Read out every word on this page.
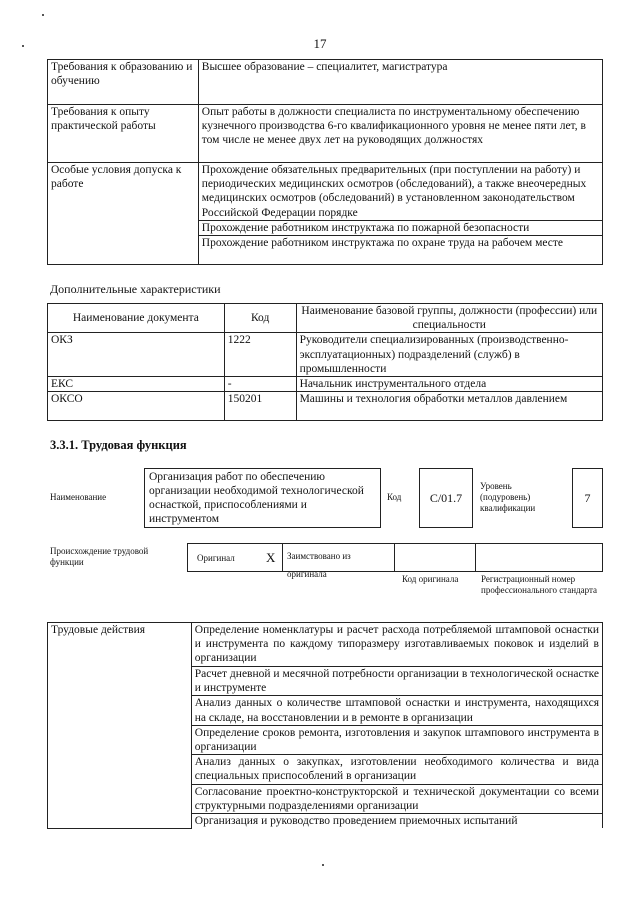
17
Требования к образованию и обучению	Высшее образование – специалитет, магистратура
Требования к опыту практической работы	Опыт работы в должности специалиста по инструментальному обеспечению кузнечного производства 6-го квалификационного уровня не менее пяти лет, в том числе не менее двух лет на руководящих должностях
Особые условия допуска к работе	Прохождение обязательных предварительных (при поступлении на работу) и периодических медицинских осмотров (обследований), а также внеочередных медицинских осмотров (обследований) в установленном законодательством Российской Федерации порядке
	Прохождение работником инструктажа по пожарной безопасности
	Прохождение работником инструктажа по охране труда на рабочем месте
Дополнительные характеристики
Наименование документа	Код	Наименование базовой группы, должности (профессии) или специальности
ОКЗ	1222	Руководители специализированных (производственно-эксплуатационных) подразделений (служб) в промышленности
ЕКС	-	Начальник инструментального отдела
ОКСО	150201	Машины и технология обработки металлов давлением
3.3.1. Трудовая функция
Наименование
Организация работ по обеспечению организации необходимой технологической оснасткой, приспособлениями и инструментом
Код	С/01.7
Уровень (подуровень) квалификации
7
Происхождение трудовой функции	Оригинал Х	Заимствовано из оригинала	Код оригинала	Регистрационный номер профессионального стандарта
Трудовые действия	Определение номенклатуры и расчет расхода потребляемой штамповой оснастки и инструмента по каждому типоразмеру изготавливаемых поковок и изделий в организации
Расчет дневной и месячной потребности организации в технологической оснастке и инструменте
Анализ данных о количестве штамповой оснастки и инструмента, находящихся на складе, на восстановлении и в ремонте в организации
Определение сроков ремонта, изготовления и закупок штампового инструмента в организации
Анализ данных о закупках, изготовлении необходимого количества и вида специальных приспособлений в организации
Согласование проектно-конструкторской и технической документации со всеми структурными подразделениями организации
Организация и руководство проведением приемочных испытаний
